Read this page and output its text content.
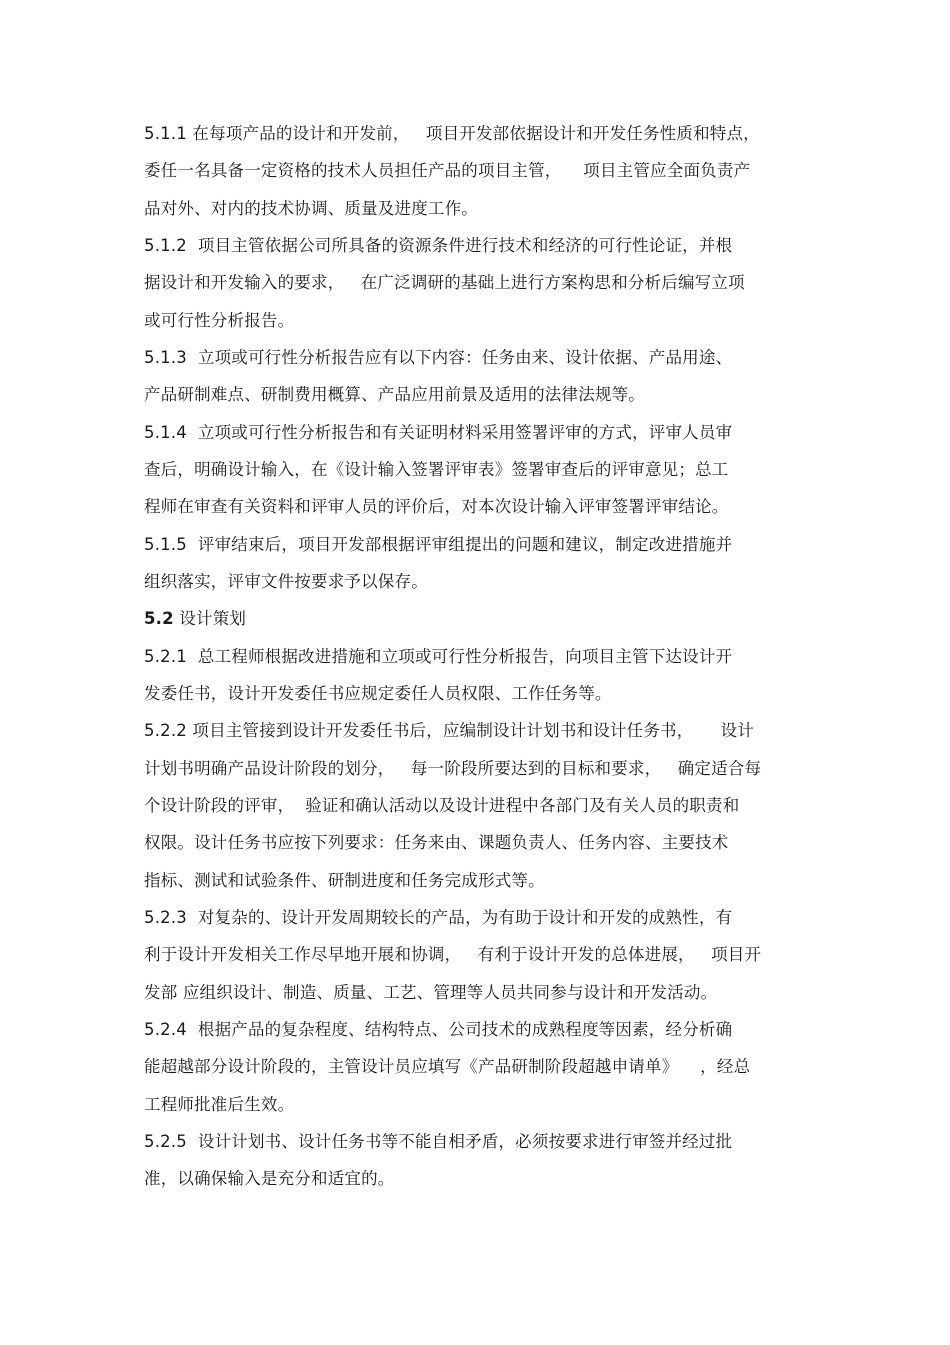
5.1.1 在每项产品的设计和开发前，   项目开发部依据设计和开发任务性质和特点，
委任一名具备一定资格的技术人员担任产品的项目主管，    项目主管应全面负责产
品对外、对内的技术协调、质量及进度工作。
5.1.2  项目主管依据公司所具备的资源条件进行技术和经济的可行性论证，并根
据设计和开发输入的要求，   在广泛调研的基础上进行方案构思和分析后编写立项
或可行性分析报告。
5.1.3  立项或可行性分析报告应有以下内容：任务由来、设计依据、产品用途、
产品研制难点、研制费用概算、产品应用前景及适用的法律法规等。
5.1.4  立项或可行性分析报告和有关证明材料采用签署评审的方式，评审人员审
查后，明确设计输入，在《设计输入签署评审表》签署审查后的评审意见；总工
程师在审查有关资料和评审人员的评价后，对本次设计输入评审签署评审结论。
5.1.5  评审结束后，项目开发部根据评审组提出的问题和建议，制定改进措施并
组织落实，评审文件按要求予以保存。
5.2 设计策划
5.2.1  总工程师根据改进措施和立项或可行性分析报告，向项目主管下达设计开
发委任书，设计开发委任书应规定委任人员权限、工作任务等。
5.2.2 项目主管接到设计开发委任书后，应编制设计计划书和设计任务书，     设计
计划书明确产品设计阶段的划分，   每一阶段所要达到的目标和要求，   确定适合每
个设计阶段的评审，  验证和确认活动以及设计进程中各部门及有关人员的职责和
权限。设计任务书应按下列要求：任务来由、课题负责人、任务内容、主要技术
指标、测试和试验条件、研制进度和任务完成形式等。
5.2.3  对复杂的、设计开发周期较长的产品，为有助于设计和开发的成熟性，有
利于设计开发相关工作尽早地开展和协调，   有利于设计开发的总体进展，   项目开
发部 应组织设计、制造、质量、工艺、管理等人员共同参与设计和开发活动。
5.2.4  根据产品的复杂程度、结构特点、公司技术的成熟程度等因素，经分析确
能超越部分设计阶段的，主管设计员应填写《产品研制阶段超越申请单》    ，经总
工程师批准后生效。
5.2.5  设计计划书、设计任务书等不能自相矛盾，必须按要求进行审签并经过批
准，以确保输入是充分和适宜的。
